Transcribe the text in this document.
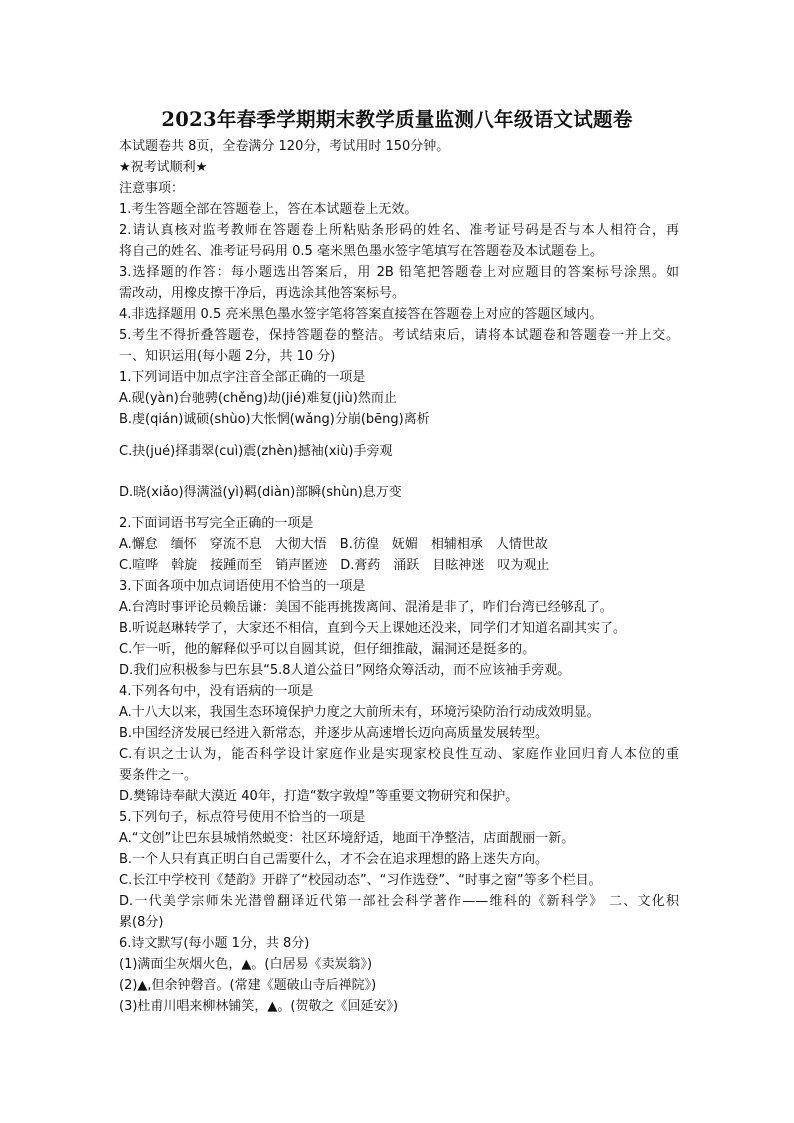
2023年春季学期期末教学质量监测八年级语文试题卷
本试题卷共 8页，全卷满分 120分，考试用时 150分钟。
★祝考试顺利★
注意事项：
1.考生答题全部在答题卷上，答在本试题卷上无效。
2.请认真核对监考教师在答题卷上所粘贴条形码的姓名、准考证号码是否与本人相符合，再
将自己的姓名、准考证号码用 0.5 毫米黑色墨水签字笔填写在答题卷及本试题卷上。
3.选择题的作答：每小题选出答案后，用 2B 铅笔把答题卷上对应题目的答案标号涂黑。如
需改动，用橡皮擦干净后，再选涂其他答案标号。
4.非选择题用 0.5 亮米黑色墨水签字笔将答案直接答在答题卷上对应的答题区域内。
5.考生不得折叠答题卷，保持答题卷的整洁。考试结束后，请将本试题卷和答题卷一并上交。
一、知识运用(每小题 2分，共 10 分)
1.下列词语中加点字注音全部正确的一项是
A.砚(yàn)台驰骋(chěng)劫(jié)难复(jiù)然而止
B.虔(qián)诚硕(shùo)大怅惘(wǎng)分崩(bēng)离析
C.抉(jué)择翡翠(cuì)震(zhèn)撼袖(xiù)手旁观
D.晓(xiǎo)得满溢(yì)羁(diàn)部瞬(shùn)息万变
2.下面词语书写完全正确的一项是
A.懈怠　缅怀　穿流不息　大彻大悟　B.彷徨　妩媚　相辅相承　人情世故
C.喧哗　斡旋　接踵而至　销声匿迹　D.膏药　涌跃　目眩神迷　叹为观止
3.下面各项中加点词语使用不恰当的一项是
A.台湾时事评论员赖岳谦：美国不能再挑拨离间、混淆是非了，咋们台湾已经够乱了。
B.听说赵琳转学了，大家还不相信，直到今天上课她还没来，同学们才知道名副其实了。
C.乍一听，他的解释似乎可以自圆其说，但仔细推敲，漏洞还是挺多的。
D.我们应积极参与巴东县“5.8人道公益日”网络众筹活动，而不应该袖手旁观。
4.下列各句中，没有语病的一项是
A.十八大以来，我国生态环境保护力度之大前所未有，环境污染防治行动成效明显。
B.中国经济发展已经进入新常态，并逐步从高速增长迈向高质量发展转型。
C.有识之士认为，能否科学设计家庭作业是实现家校良性互动、家庭作业回归育人本位的重
要条件之一。
D.樊锦诗奉献大漠近 40年，打造“数字敦煌”等重要文物研究和保护。
5.下列句子，标点符号使用不恰当的一项是
A.“文创”让巴东县城悄然蜕变：社区环境舒适，地面干净整洁，店面靓丽一新。
B.一个人只有真正明白自己需要什么，才不会在追求理想的路上迷失方向。
C.长江中学校刊《楚韵》开辟了“校园动态”、“习作选登”、“时事之窗”等多个栏目。
D.一代美学宗师朱光潜曾翻译近代第一部社会科学著作——维科的《新科学》 二、文化积
累(8分)
6.诗文默写(每小题 1分，共 8分)
(1)满面尘灰烟火色，▲。(白居易《卖炭翁》)
(2)▲,但余钟磬音。(常建《题破山寺后禅院》)
(3)杜甫川唱来柳林铺笑，▲。(贺敬之《回延安》)
